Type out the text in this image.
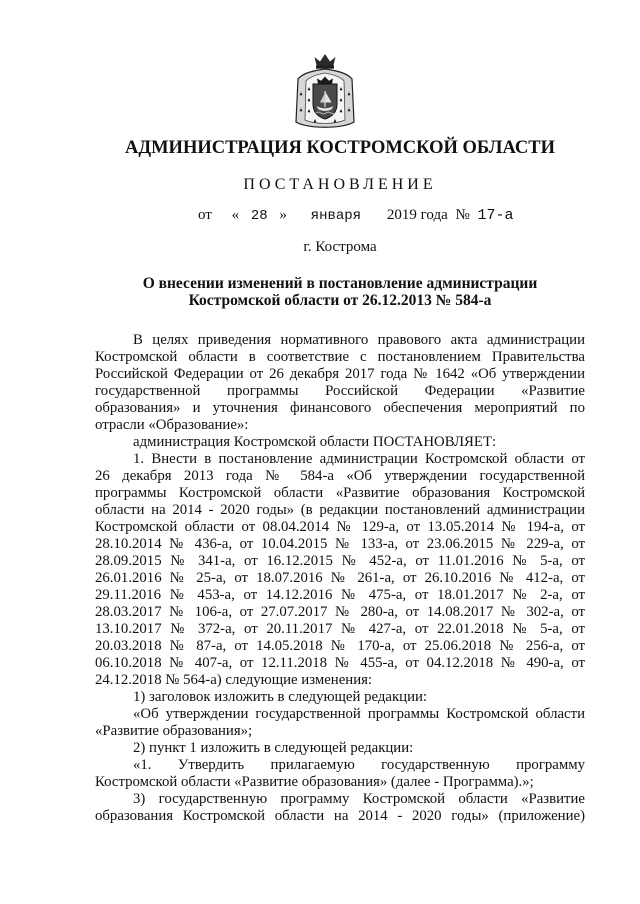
АДМИНИСТРАЦИЯ КОСТРОМСКОЙ ОБЛАСТИ
ПОСТАНОВЛЕНИЕ
от « 28 » января 2019 года № 17-а
г. Кострома
О внесении изменений в постановление администрации
Костромской области от 26.12.2013 № 584-а
В целях приведения нормативного правового акта администрации
Костромской области в соответствие с постановлением Правительства
Российской Федерации от 26 декабря 2017 года № 1642 «Об утверждении
государственной программы Российской Федерации «Развитие
образования» и уточнения финансового обеспечения мероприятий по
отрасли «Образование»:
администрация Костромской области ПОСТАНОВЛЯЕТ:
1. Внести в постановление администрации Костромской области от
26 декабря 2013 года № 584-а «Об утверждении государственной
программы Костромской области «Развитие образования Костромской
области на 2014 - 2020 годы» (в редакции постановлений администрации
Костромской области от 08.04.2014 № 129-а, от 13.05.2014 № 194-а, от
28.10.2014 № 436-а, от 10.04.2015 № 133-а, от 23.06.2015 № 229-а, от
28.09.2015 № 341-а, от 16.12.2015 № 452-а, от 11.01.2016 № 5-а, от
26.01.2016 № 25-а, от 18.07.2016 № 261-а, от 26.10.2016 № 412-а, от
29.11.2016 № 453-а, от 14.12.2016 № 475-а, от 18.01.2017 № 2-а, от
28.03.2017 № 106-а, от 27.07.2017 № 280-а, от 14.08.2017 № 302-а, от
13.10.2017 № 372-а, от 20.11.2017 № 427-а, от 22.01.2018 № 5-а, от
20.03.2018 № 87-а, от 14.05.2018 № 170-а, от 25.06.2018 № 256-а, от
06.10.2018 № 407-а, от 12.11.2018 № 455-а, от 04.12.2018 № 490-а, от
24.12.2018 № 564-а) следующие изменения:
1) заголовок изложить в следующей редакции:
«Об утверждении государственной программы Костромской области
«Развитие образования»;
2) пункт 1 изложить в следующей редакции:
«1. Утвердить прилагаемую государственную программу
Костромской области «Развитие образования» (далее - Программа).»;
3) государственную программу Костромской области «Развитие
образования Костромской области на 2014 - 2020 годы» (приложение)
